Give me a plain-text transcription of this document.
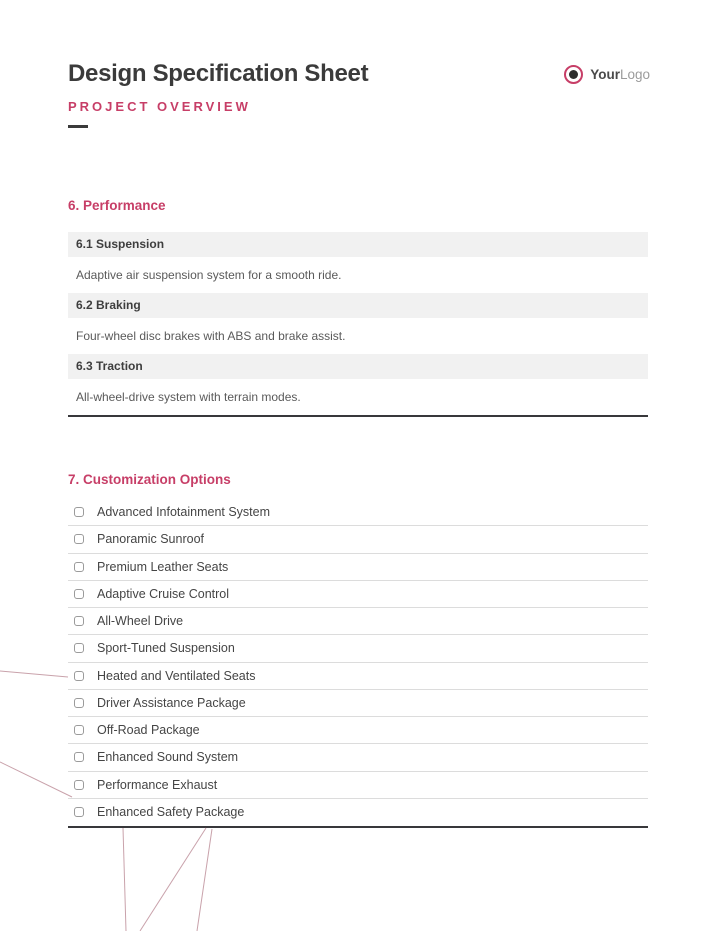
Design Specification Sheet
PROJECT OVERVIEW
YourLogo
6. Performance
6.1 Suspension
Adaptive air suspension system for a smooth ride.
6.2 Braking
Four-wheel disc brakes with ABS and brake assist.
6.3 Traction
All-wheel-drive system with terrain modes.
7. Customization Options
Advanced Infotainment System
Panoramic Sunroof
Premium Leather Seats
Adaptive Cruise Control
All-Wheel Drive
Sport-Tuned Suspension
Heated and Ventilated Seats
Driver Assistance Package
Off-Road Package
Enhanced Sound System
Performance Exhaust
Enhanced Safety Package
